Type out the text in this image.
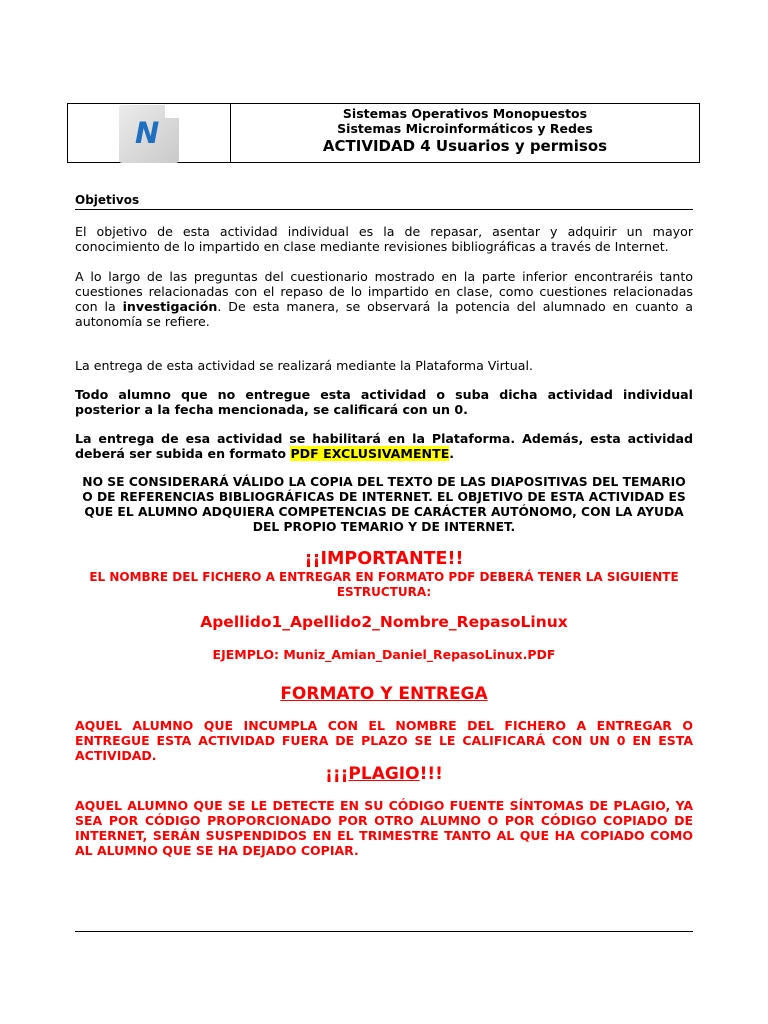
N
Sistemas Operativos Monopuestos
Sistemas Microinformáticos y Redes
ACTIVIDAD 4 Usuarios y permisos
Objetivos
El objetivo de esta actividad individual es la de repasar, asentar y adquirir un mayor conocimiento de lo impartido en clase mediante revisiones bibliográficas a través de Internet.
A lo largo de las preguntas del cuestionario mostrado en la parte inferior encontraréis tanto cuestiones relacionadas con el repaso de lo impartido en clase, como cuestiones relacionadas con la investigación. De esta manera, se observará la potencia del alumnado en cuanto a autonomía se refiere.
La entrega de esta actividad se realizará mediante la Plataforma Virtual.
Todo alumno que no entregue esta actividad o suba dicha actividad individual posterior a la fecha mencionada, se calificará con un 0.
La entrega de esa actividad se habilitará en la Plataforma. Además, esta actividad deberá ser subida en formato PDF EXCLUSIVAMENTE.
NO SE CONSIDERARÁ VÁLIDO LA COPIA DEL TEXTO DE LAS DIAPOSITIVAS DEL TEMARIO O DE REFERENCIAS BIBLIOGRÁFICAS DE INTERNET. EL OBJETIVO DE ESTA ACTIVIDAD ES QUE EL ALUMNO ADQUIERA COMPETENCIAS DE CARÁCTER AUTÓNOMO, CON LA AYUDA DEL PROPIO TEMARIO Y DE INTERNET.
¡¡IMPORTANTE!!
EL NOMBRE DEL FICHERO A ENTREGAR EN FORMATO PDF DEBERÁ TENER LA SIGUIENTE ESTRUCTURA:
Apellido1_Apellido2_Nombre_RepasoLinux
EJEMPLO: Muniz_Amian_Daniel_RepasoLinux.PDF
FORMATO Y ENTREGA
AQUEL ALUMNO QUE INCUMPLA CON EL NOMBRE DEL FICHERO A ENTREGAR O ENTREGUE ESTA ACTIVIDAD FUERA DE PLAZO SE LE CALIFICARÁ CON UN 0 EN ESTA ACTIVIDAD.
¡¡¡PLAGIO!!!
AQUEL ALUMNO QUE SE LE DETECTE EN SU CÓDIGO FUENTE SÍNTOMAS DE PLAGIO, YA SEA POR CÓDIGO PROPORCIONADO POR OTRO ALUMNO O POR CÓDIGO COPIADO DE INTERNET, SERÁN SUSPENDIDOS EN EL TRIMESTRE TANTO AL QUE HA COPIADO COMO AL ALUMNO QUE SE HA DEJADO COPIAR.
